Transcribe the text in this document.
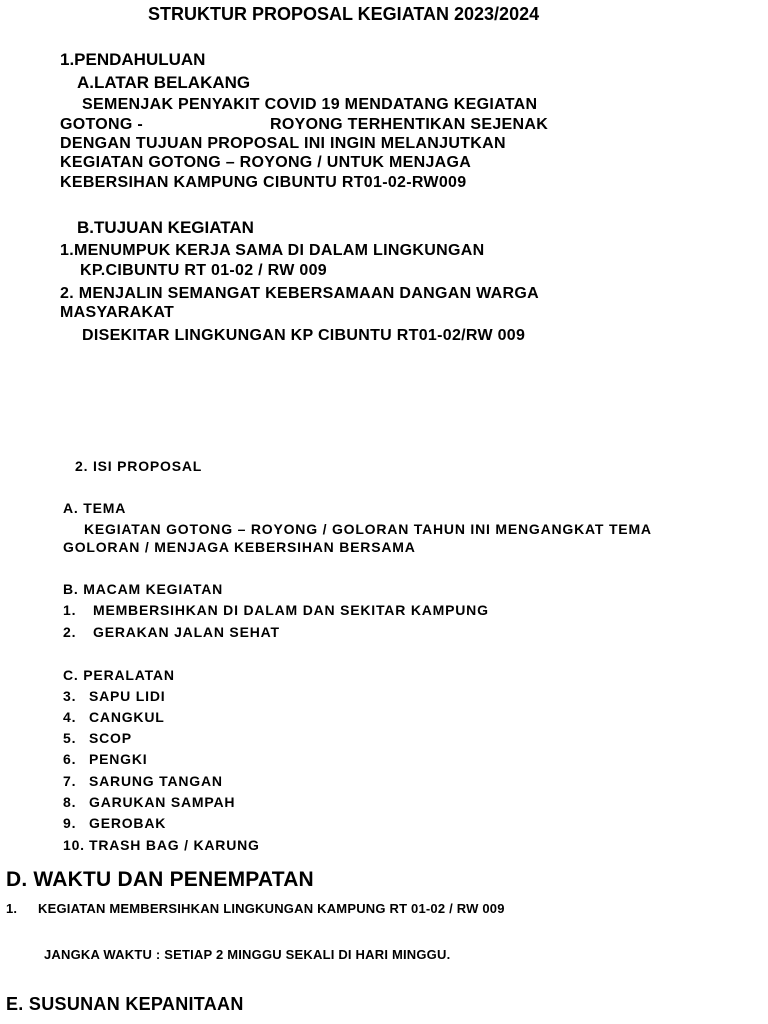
STRUKTUR PROPOSAL KEGIATAN 2023/2024
1.PENDAHULUAN
A.LATAR BELAKANG
SEMENJAK PENYAKIT COVID 19 MENDATANG KEGIATAN
GOTONG -	ROYONG TERHENTIKAN SEJENAK
DENGAN TUJUAN PROPOSAL INI INGIN MELANJUTKAN
KEGIATAN GOTONG – ROYONG / UNTUK MENJAGA
KEBERSIHAN KAMPUNG CIBUNTU RT01-02-RW009
B.TUJUAN KEGIATAN
1.MENUMPUK KERJA SAMA DI DALAM LINGKUNGAN
KP.CIBUNTU RT 01-02 / RW 009
2. MENJALIN SEMANGAT KEBERSAMAAN DANGAN WARGA
MASYARAKAT
DISEKITAR LINGKUNGAN KP CIBUNTU RT01-02/RW 009
2. ISI PROPOSAL
A. TEMA
KEGIATAN GOTONG – ROYONG / GOLORAN TAHUN INI MENGANGKAT TEMA
GOLORAN / MENJAGA KEBERSIHAN BERSAMA
B. MACAM KEGIATAN
1. MEMBERSIHKAN DI DALAM DAN SEKITAR KAMPUNG
2. GERAKAN JALAN SEHAT
C. PERALATAN
3. SAPU LIDI
4. CANGKUL
5. SCOP
6. PENGKI
7. SARUNG TANGAN
8. GARUKAN SAMPAH
9. GEROBAK
10. TRASH BAG / KARUNG
D. WAKTU DAN PENEMPATAN
1. KEGIATAN MEMBERSIHKAN LINGKUNGAN KAMPUNG RT 01-02 / RW 009
JANGKA WAKTU : SETIAP 2 MINGGU SEKALI DI HARI MINGGU.
E. SUSUNAN KEPANITAAN
